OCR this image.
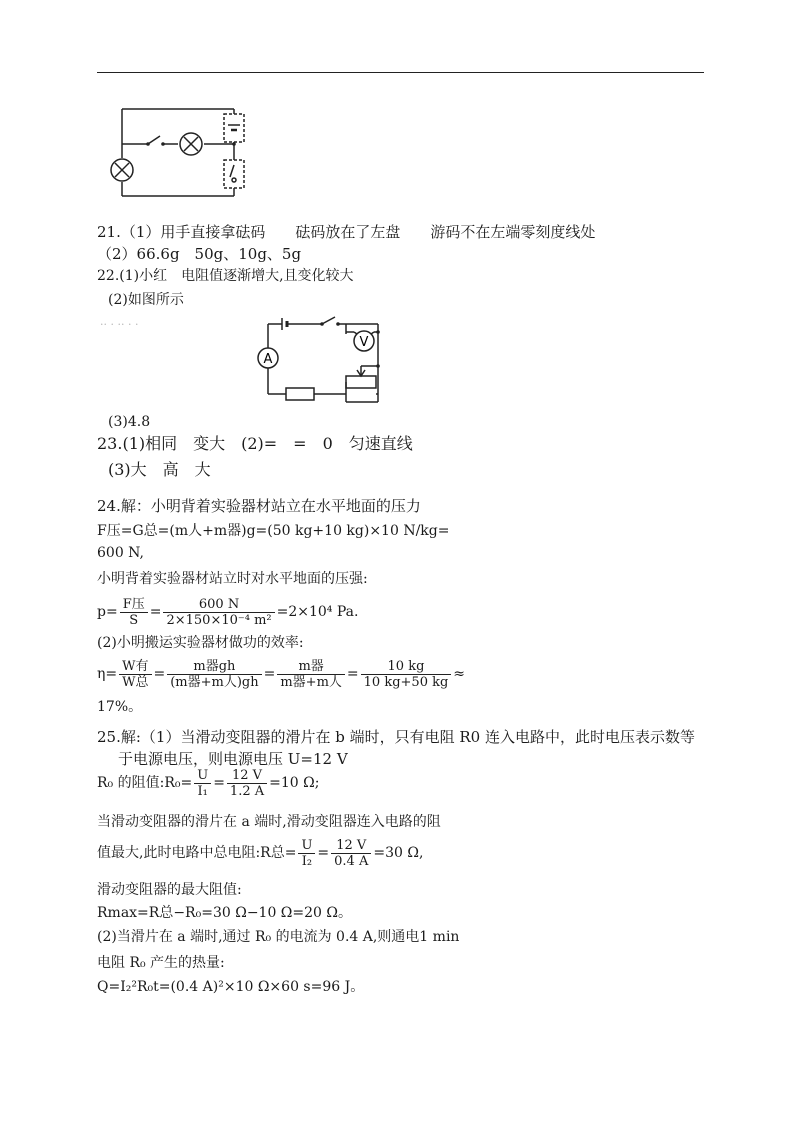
21.（1）用手直接拿砝码 砝码放在了左盘 游码不在左端零刻度线处
（2）66.6g　50g、10g、5g
22.(1)小红　电阻值逐渐增大,且变化较大
(2)如图所示
·· · ·· · ·
A
V
(3)4.8
23.(1)相同　变大　(2)=　=　0　匀速直线
(3)大　高　大
24.解：小明背着实验器材站立在水平地面的压力
F压=G总=(m人+m器)g=(50 kg+10 kg)×10 N/kg=
600 N,
小明背着实验器材站立时对水平地面的压强:
$p= \frac{\text{F压}}{S} = \frac{600 N}{\text{2×150×10⁻⁴ m²}} =2\times 10^4$ Pa.
(2)小明搬运实验器材做功的效率:
$\eta= \frac{\text{W有}}{\text{W总}} = \frac{\text{m器gh}}{\text{(m器+m人)gh}} = \frac{\text{m器}}{\text{m器+m人}} = \frac{10 kg}{10 kg+50 kg}$ ≈
17%。
25.解:（1）当滑动变阻器的滑片在 b 端时，只有电阻 R0 连入电路中，此时电压表示数等
于电源电压，则电源电压 U=12 V
R₀ 的阻值:R₀= $\frac{U}{\text{I₁}} = \frac{12 V}{1.2 A} =10$ Ω;
当滑动变阻器的滑片在 a 端时,滑动变阻器连入电路的阻
值最大,此时电路中总电阻:R总= $\frac{U}{\text{I₂}} = \frac{12 V}{0.4 A} =30$ Ω,
滑动变阻器的最大阻值:
Rmax=R总−R₀=30 Ω−10 Ω=20 Ω。
(2)当滑片在 a 端时,通过 R₀ 的电流为 0.4 A,则通电1 min
电阻 R₀ 产生的热量:
Q=I₂²R₀t=(0.4 A)²×10 Ω×60 s=96 J。
